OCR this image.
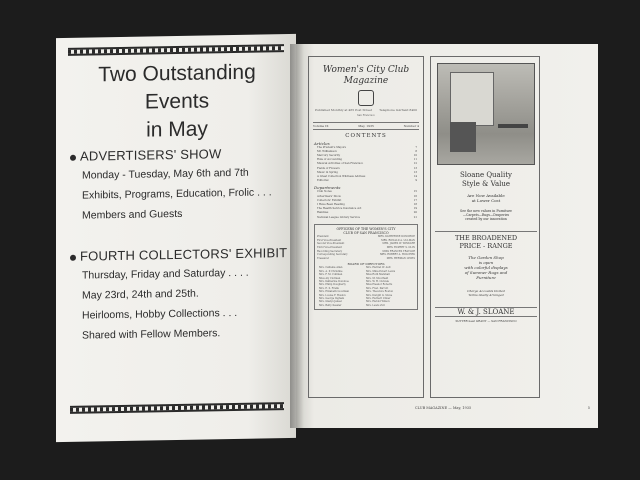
Two Outstanding Events
in May
ADVERTISERS' SHOW
Monday - Tuesday, May 6th and 7th
Exhibits, Programs, Education, Frolic . . .
Members and Guests
FOURTH COLLECTORS' EXHIBIT
Thursday, Friday and Saturday . . . .
May 23rd, 24th and 25th.
Heirlooms, Hobby Collections . . .
Shared with Fellow Members.
Women's City Club
Magazine
Published Monthly at 465 Post Street Telephone GArfield 8400
San Francisco
Volume IX	May, 1935	Number 4
CONTENTS
Articles
The Prudent's Mayors	7
Mr. Williamson	8
Mercury Security	10
Rule of Accounting	11
Musical Activities of San Francisco	12
Fields of Flowers	13
Music in Spring	13
A Great Collection Wildness Address	14
Editorial	9
Departments
Club Notes	15
Advertisers' Show	16
Collectors' Exhibit	17
I Have Been Reading	18
The Health Service Insurance Act	19
Rambles	20
National League Library Service	21
OFFICERS OF THE WOMEN'S CITY
CLUB OF SAN FRANCISCO
President	MRS. KATHERINE DONOHOE
First Vice-President	MRS. RONALD A. ULLMAN
Second Vice-President	MRS. JAMES W. WINKLER
Third Vice-President	MRS. RUPERT S. OLIN
Recording Secretary	MISS FRANCES TRAYLOR
Corresponding Secretary	MRS. ROBERT A. HOLCHEK
Treasurer	MRS. HERMAN LEWIS
BOARD OF DIRECTORS
Mrs. Cathelia Allen	Mrs. Harriet W. Ault
Mrs. A. P. Christine	Mrs. Mina Pobert Lewis
Mrs. F. M. Cullinan	Miss Ruth Marshall
Miss Aly Clotman	Mrs. M. Mourfield
Mrs. Katherine Donohoe	Mrs. W. H. Outvale
Mrs. Philip Dougherty	Miss Eleanor Roberts
Mrs. E. S. Frank	Mrs. Fred. Parrott
Mrs. Elizabeth Goodman	Mrs. Theodore Roston
Mrs. Louise F. Huston	Mrs. Dwight G. Stone
Mrs. George Ingham	Mrs. Herbert Ulmer
Mrs. Gladys Jansel	Mrs. Harold Wilson
Mrs. Betty Kessler	Mrs. Lewis Zoll
Sloane Quality
Style & Value
Are Now Available
at Lower Cost
See the new values in Furniture
—Carpets—Rugs—Draperies
created by our innovation
THE BROADENED
PRICE - RANGE
The Garden Shop
is open
with colorful displays
of Summer Rugs and
Furniture
Charge Accounts Invited
Terms Gladly Arranged
W. & J. SLOANE
SUTTER near GRANT — SAN FRANCISCO
CLUB MAGAZINE — May, 1935	5
